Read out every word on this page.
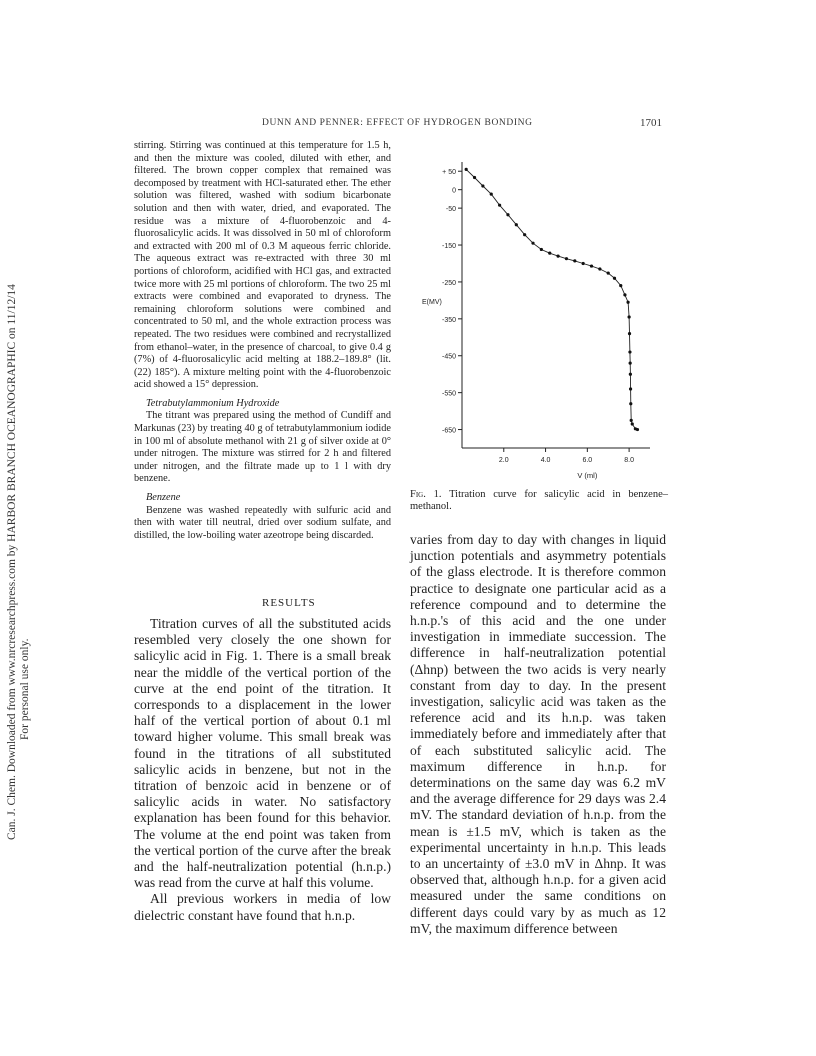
Can. J. Chem. Downloaded from www.nrcresearchpress.com by HARBOR BRANCH OCEANOGRAPHIC on 11/12/14 For personal use only.
DUNN AND PENNER: EFFECT OF HYDROGEN BONDING	1701

stirring. Stirring was continued at this temperature for 1.5 h, and then the mixture was cooled, diluted with ether, and filtered. The brown copper complex that remained was decomposed by treatment with HCl-saturated ether. The ether solution was filtered, washed with sodium bicarbonate solution and then with water, dried, and evaporated. The residue was a mixture of 4-fluorobenzoic and 4-fluorosalicylic acids. It was dissolved in 50 ml of chloroform and extracted with 200 ml of 0.3 M aqueous ferric chloride. The aqueous extract was re-extracted with three 30 ml portions of chloroform, acidified with HCl gas, and extracted twice more with 25 ml portions of chloroform. The two 25 ml extracts were combined and evaporated to dryness. The remaining chloroform solutions were combined and concentrated to 50 ml, and the whole extraction process was repeated. The two residues were combined and recrystallized from ethanol–water, in the presence of charcoal, to give 0.4 g (7%) of 4-fluorosalicylic acid melting at 188.2–189.8° (lit. (22) 185°). A mixture melting point with the 4-fluorobenzoic acid showed a 15° depression.

Tetrabutylammonium Hydroxide

The titrant was prepared using the method of Cundiff and Markunas (23) by treating 40 g of tetrabutylammonium iodide in 100 ml of absolute methanol with 21 g of silver oxide at 0° under nitrogen. The mixture was stirred for 2 h and filtered under nitrogen, and the filtrate made up to 1 l with dry benzene.

Benzene

Benzene was washed repeatedly with sulfuric acid and then with water till neutral, dried over sodium sulfate, and distilled, the low-boiling water azeotrope being discarded.

RESULTS

Titration curves of all the substituted acids resembled very closely the one shown for salicylic acid in Fig. 1. There is a small break near the middle of the vertical portion of the curve at the end point of the titration. It corresponds to a displacement in the lower half of the vertical portion of about 0.1 ml toward higher volume. This small break was found in the titrations of all substituted salicylic acids in benzene, but not in the titration of benzoic acid in benzene or of salicylic acids in water. No satisfactory explanation has been found for this behavior. The volume at the end point was taken from the vertical portion of the curve after the break and the half-neutralization potential (h.n.p.) was read from the curve at half this volume.

All previous workers in media of low dielectric constant have found that h.n.p.

+ 50
0
-50
-150
-250
-350
-450
-550
-650
2.0	4.0	6.0	8.0
E(MV)
V (ml)
Fig. 1. Titration curve for salicylic acid in benzene–methanol.

varies from day to day with changes in liquid junction potentials and asymmetry potentials of the glass electrode. It is therefore common practice to designate one particular acid as a reference compound and to determine the h.n.p.'s of this acid and the one under investigation in immediate succession. The difference in half-neutralization potential (Δhnp) between the two acids is very nearly constant from day to day. In the present investigation, salicylic acid was taken as the reference acid and its h.n.p. was taken immediately before and immediately after that of each substituted salicylic acid. The maximum difference in h.n.p. for determinations on the same day was 6.2 mV and the average difference for 29 days was 2.4 mV. The standard deviation of h.n.p. from the mean is ±1.5 mV, which is taken as the experimental uncertainty in h.n.p. This leads to an uncertainty of ±3.0 mV in Δhnp. It was observed that, although h.n.p. for a given acid measured under the same conditions on different days could vary by as much as 12 mV, the maximum difference between
